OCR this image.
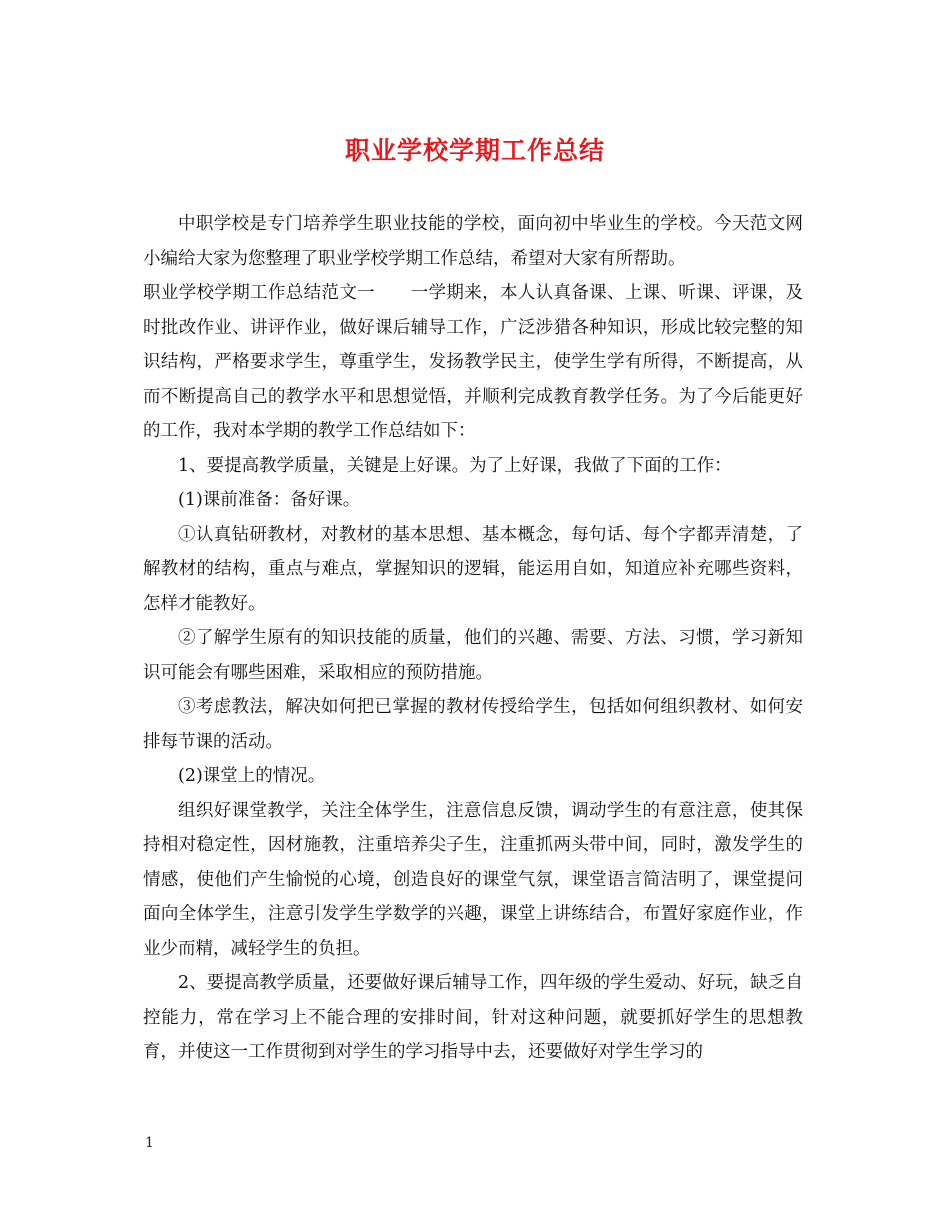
职业学校学期工作总结

中职学校是专门培养学生职业技能的学校，面向初中毕业生的学校。今天范文网小编给大家为您整理了职业学校学期工作总结，希望对大家有所帮助。

职业学校学期工作总结范文一　　一学期来，本人认真备课、上课、听课、评课，及时批改作业、讲评作业，做好课后辅导工作，广泛涉猎各种知识，形成比较完整的知识结构，严格要求学生，尊重学生，发扬教学民主，使学生学有所得，不断提高，从而不断提高自己的教学水平和思想觉悟，并顺利完成教育教学任务。为了今后能更好的工作，我对本学期的教学工作总结如下：

1、要提高教学质量，关键是上好课。为了上好课，我做了下面的工作：

(1)课前准备：备好课。

①认真钻研教材，对教材的基本思想、基本概念，每句话、每个字都弄清楚，了解教材的结构，重点与难点，掌握知识的逻辑，能运用自如，知道应补充哪些资料，怎样才能教好。

②了解学生原有的知识技能的质量，他们的兴趣、需要、方法、习惯，学习新知识可能会有哪些困难，采取相应的预防措施。

③考虑教法，解决如何把已掌握的教材传授给学生，包括如何组织教材、如何安排每节课的活动。

(2)课堂上的情况。

组织好课堂教学，关注全体学生，注意信息反馈，调动学生的有意注意，使其保持相对稳定性，因材施教，注重培养尖子生，注重抓两头带中间，同时，激发学生的情感，使他们产生愉悦的心境，创造良好的课堂气氛，课堂语言简洁明了，课堂提问面向全体学生，注意引发学生学数学的兴趣，课堂上讲练结合，布置好家庭作业，作业少而精，减轻学生的负担。

2、要提高教学质量，还要做好课后辅导工作，四年级的学生爱动、好玩，缺乏自控能力，常在学习上不能合理的安排时间，针对这种问题，就要抓好学生的思想教育，并使这一工作贯彻到对学生的学习指导中去，还要做好对学生学习的

1
